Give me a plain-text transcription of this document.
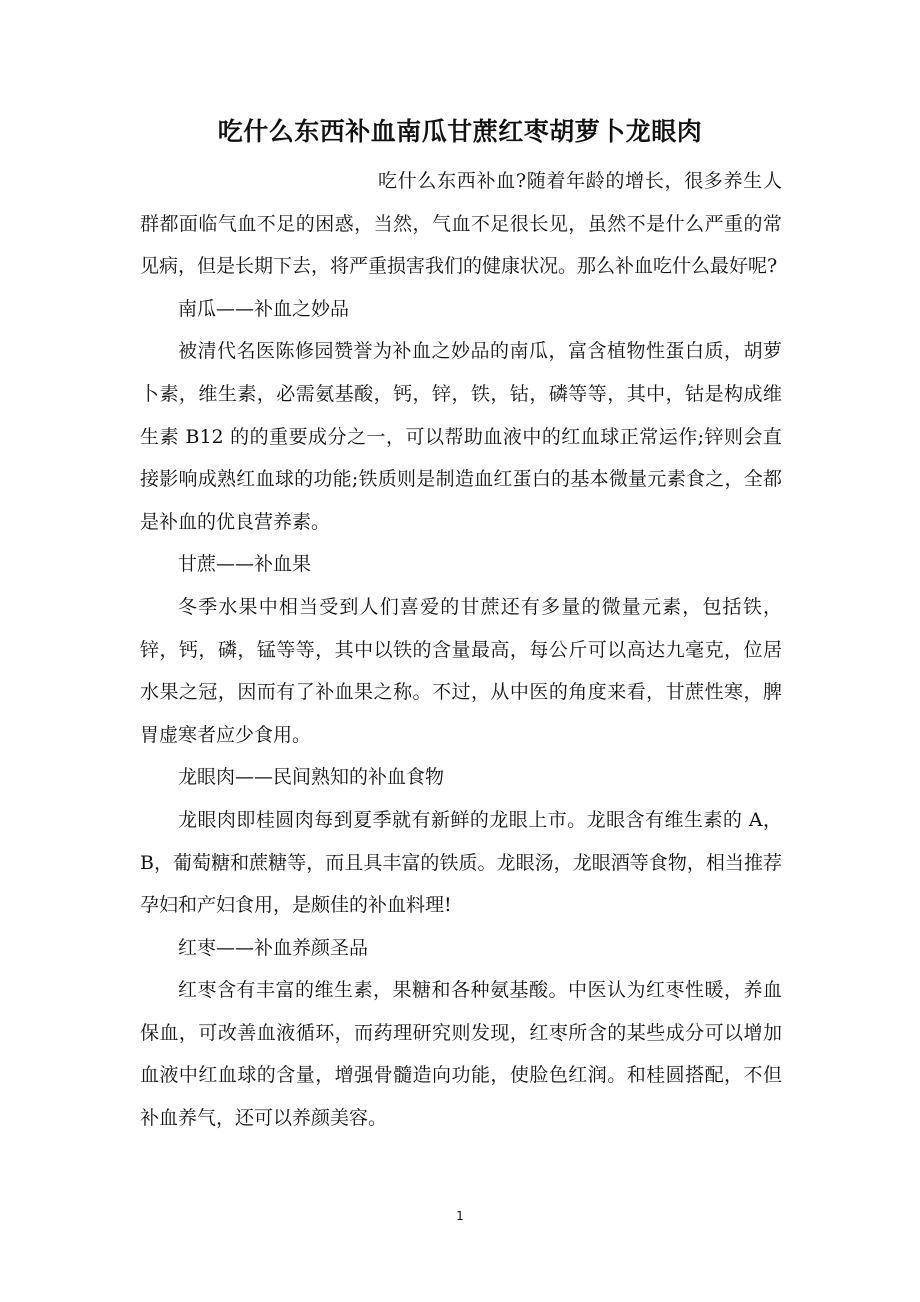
吃什么东西补血南瓜甘蔗红枣胡萝卜龙眼肉

吃什么东西补血?随着年龄的增长，很多养生人群都面临气血不足的困惑，当然，气血不足很长见，虽然不是什么严重的常见病，但是长期下去，将严重损害我们的健康状况。那么补血吃什么最好呢?

南瓜——补血之妙品

被清代名医陈修园赞誉为补血之妙品的南瓜，富含植物性蛋白质，胡萝卜素，维生素，必需氨基酸，钙，锌，铁，钴，磷等等，其中，钴是构成维生素 B12 的的重要成分之一，可以帮助血液中的红血球正常运作;锌则会直接影响成熟红血球的功能;铁质则是制造血红蛋白的基本微量元素食之，全都是补血的优良营养素。

甘蔗——补血果

冬季水果中相当受到人们喜爱的甘蔗还有多量的微量元素，包括铁，锌，钙，磷，锰等等，其中以铁的含量最高，每公斤可以高达九毫克，位居水果之冠，因而有了补血果之称。不过，从中医的角度来看，甘蔗性寒，脾胃虚寒者应少食用。

龙眼肉——民间熟知的补血食物

龙眼肉即桂圆肉每到夏季就有新鲜的龙眼上市。龙眼含有维生素的 A，B，葡萄糖和蔗糖等，而且具丰富的铁质。龙眼汤，龙眼酒等食物，相当推荐孕妇和产妇食用，是颇佳的补血料理!

红枣——补血养颜圣品

红枣含有丰富的维生素，果糖和各种氨基酸。中医认为红枣性暖，养血保血，可改善血液循环，而药理研究则发现，红枣所含的某些成分可以增加血液中红血球的含量，增强骨髓造向功能，使脸色红润。和桂圆搭配，不但补血养气，还可以养颜美容。

1
